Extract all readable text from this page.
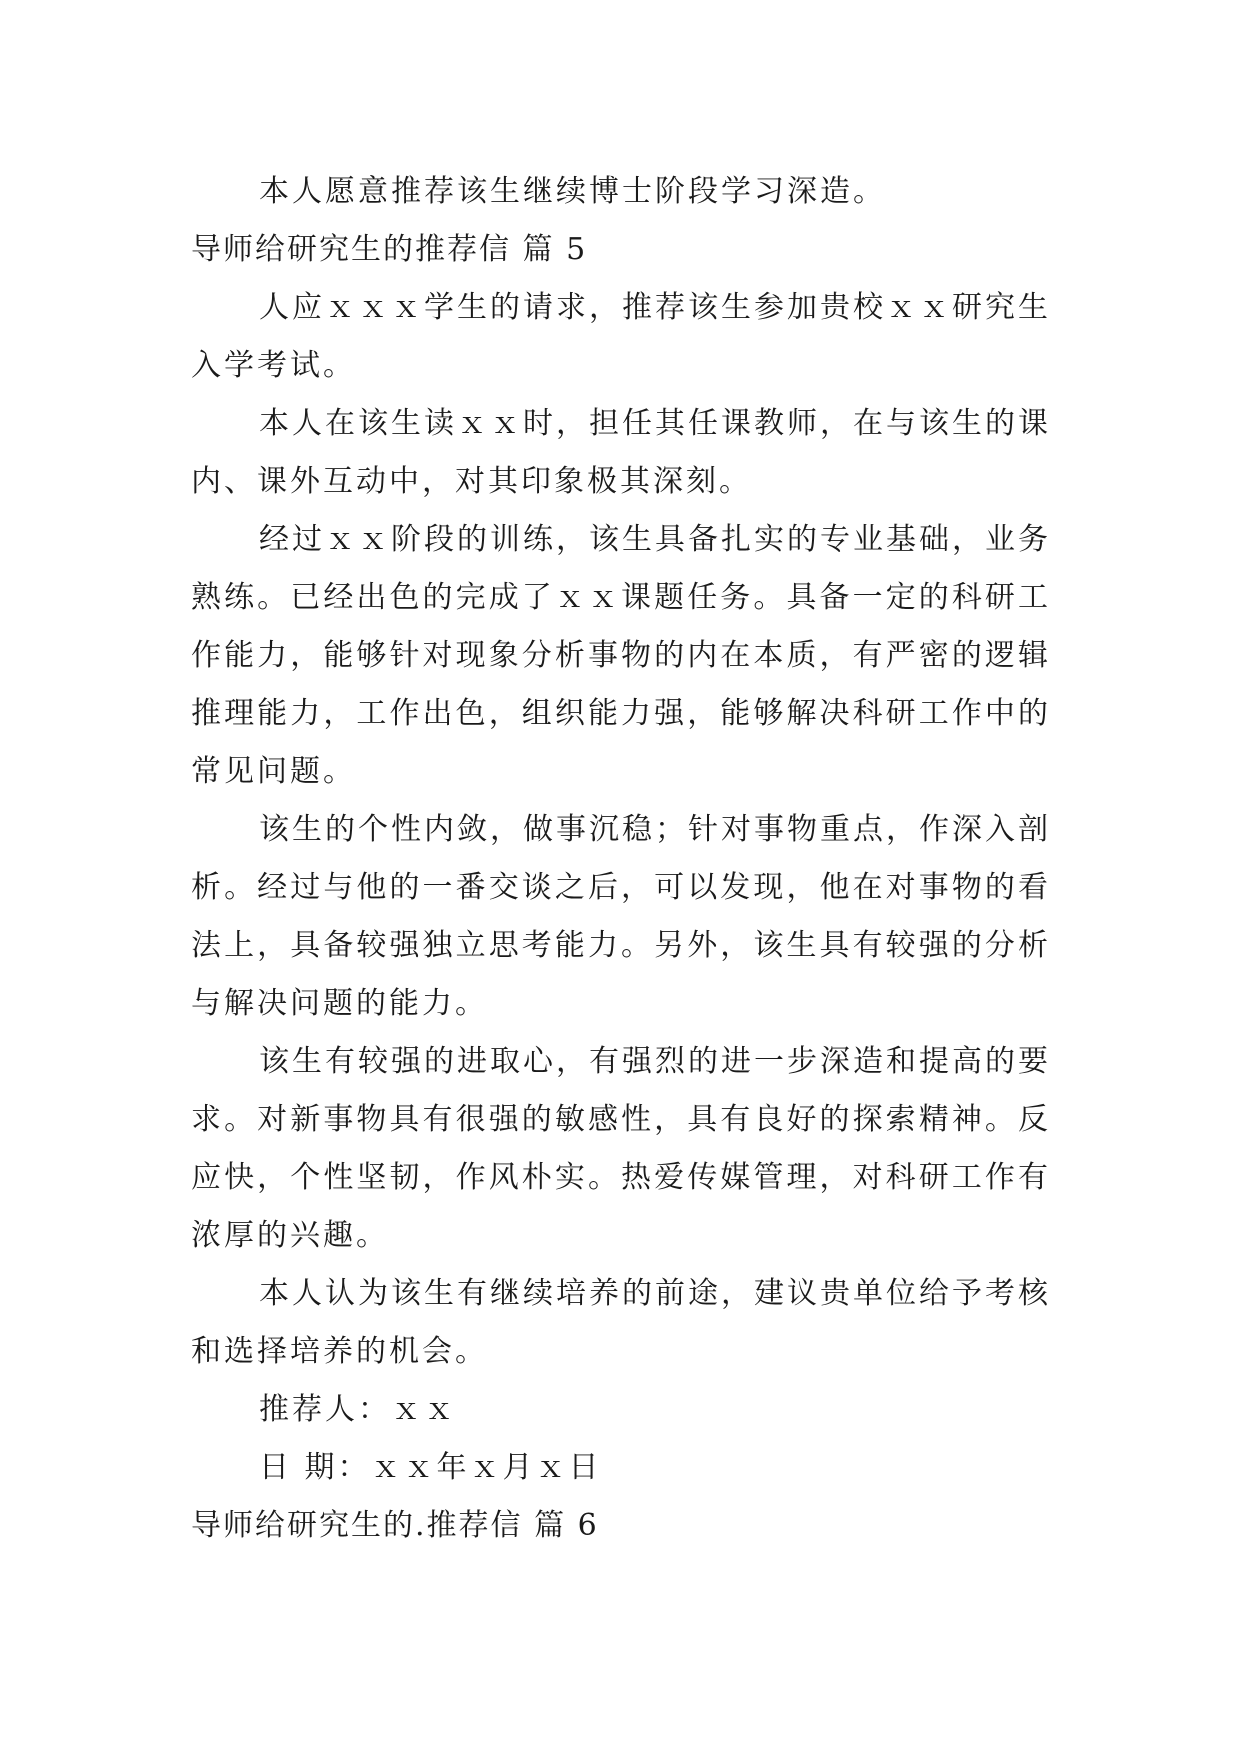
本人愿意推荐该生继续博士阶段学习深造。
导师给研究生的推荐信 篇 5
人应ｘｘｘ学生的请求，推荐该生参加贵校ｘｘ研究生入学考试。
本人在该生读ｘｘ时，担任其任课教师，在与该生的课内、课外互动中，对其印象极其深刻。
经过ｘｘ阶段的训练，该生具备扎实的专业基础，业务熟练。已经出色的完成了ｘｘ课题任务。具备一定的科研工作能力，能够针对现象分析事物的内在本质，有严密的逻辑推理能力，工作出色，组织能力强，能够解决科研工作中的常见问题。
该生的个性内敛，做事沉稳；针对事物重点，作深入剖析。经过与他的一番交谈之后，可以发现，他在对事物的看法上，具备较强独立思考能力。另外，该生具有较强的分析与解决问题的能力。
该生有较强的进取心，有强烈的进一步深造和提高的要求。对新事物具有很强的敏感性，具有良好的探索精神。反应快，个性坚韧，作风朴实。热爱传媒管理，对科研工作有浓厚的兴趣。
本人认为该生有继续培养的前途，建议贵单位给予考核和选择培养的机会。
推荐人：ｘｘ
日 期：ｘｘ年ｘ月ｘ日
导师给研究生的.推荐信 篇 6
